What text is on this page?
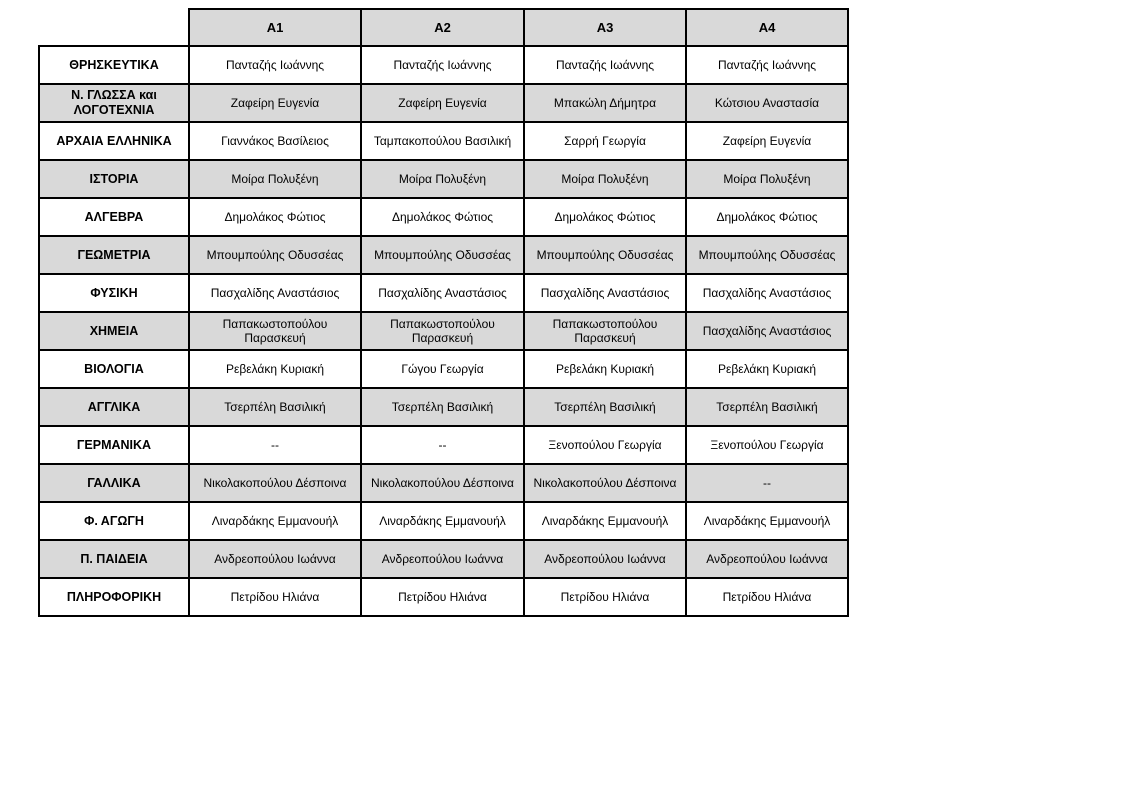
	A1	A2	A3	A4
ΘΡΗΣΚΕΥΤΙΚΑ	Πανταζής Ιωάννης	Πανταζής Ιωάννης	Πανταζής Ιωάννης	Πανταζής Ιωάννης
Ν. ΓΛΩΣΣΑ και ΛΟΓΟΤΕΧΝΙΑ	Ζαφείρη Ευγενία	Ζαφείρη Ευγενία	Μπακώλη Δήμητρα	Κώτσιου Αναστασία
ΑΡΧΑΙΑ ΕΛΛΗΝΙΚΑ	Γιαννάκος Βασίλειος	Ταμπακοπούλου Βασιλική	Σαρρή Γεωργία	Ζαφείρη Ευγενία
ΙΣΤΟΡΙΑ	Μοίρα Πολυξένη	Μοίρα Πολυξένη	Μοίρα Πολυξένη	Μοίρα Πολυξένη
ΑΛΓΕΒΡΑ	Δημολάκος Φώτιος	Δημολάκος Φώτιος	Δημολάκος Φώτιος	Δημολάκος Φώτιος
ΓΕΩΜΕΤΡΙΑ	Μπουμπούλης Οδυσσέας	Μπουμπούλης Οδυσσέας	Μπουμπούλης Οδυσσέας	Μπουμπούλης Οδυσσέας
ΦΥΣΙΚΗ	Πασχαλίδης Αναστάσιος	Πασχαλίδης Αναστάσιος	Πασχαλίδης Αναστάσιος	Πασχαλίδης Αναστάσιος
ΧΗΜΕΙΑ	Παπακωστοπούλου Παρασκευή	Παπακωστοπούλου Παρασκευή	Παπακωστοπούλου Παρασκευή	Πασχαλίδης Αναστάσιος
ΒΙΟΛΟΓΙΑ	Ρεβελάκη Κυριακή	Γώγου Γεωργία	Ρεβελάκη Κυριακή	Ρεβελάκη Κυριακή
ΑΓΓΛΙΚΑ	Τσερπέλη Βασιλική	Τσερπέλη Βασιλική	Τσερπέλη Βασιλική	Τσερπέλη Βασιλική
ΓΕΡΜΑΝΙΚΑ	--	--	Ξενοπούλου Γεωργία	Ξενοπούλου Γεωργία
ΓΑΛΛΙΚΑ	Νικολακοπούλου Δέσποινα	Νικολακοπούλου Δέσποινα	Νικολακοπούλου Δέσποινα	--
Φ. ΑΓΩΓΗ	Λιναρδάκης Εμμανουήλ	Λιναρδάκης Εμμανουήλ	Λιναρδάκης Εμμανουήλ	Λιναρδάκης Εμμανουήλ
Π. ΠΑΙΔΕΙΑ	Ανδρεοπούλου Ιωάννα	Ανδρεοπούλου Ιωάννα	Ανδρεοπούλου Ιωάννα	Ανδρεοπούλου Ιωάννα
ΠΛΗΡΟΦΟΡΙΚΗ	Πετρίδου Ηλιάνα	Πετρίδου Ηλιάνα	Πετρίδου Ηλιάνα	Πετρίδου Ηλιάνα
